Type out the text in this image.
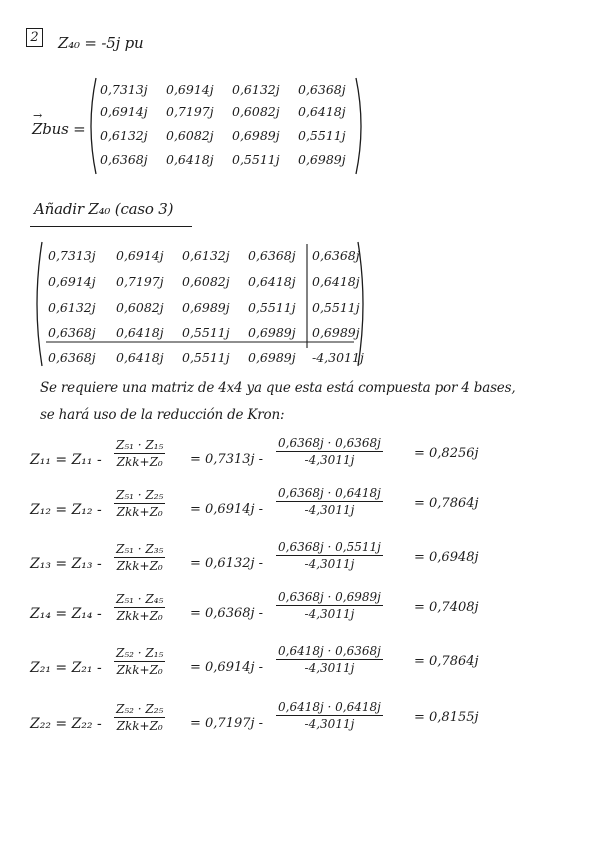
2 Z₄₀ = -5j pu
→ Zbus =
0,7313j 0,6914j 0,6132j 0,6368j
0,6914j 0,7197j 0,6082j 0,6418j
0,6132j 0,6082j 0,6989j 0,5511j
0,6368j 0,6418j 0,5511j 0,6989j
Añadir Z₄₀ (caso 3)
0,7313j 0,6914j 0,6132j 0,6368j 0,6368j
0,6914j 0,7197j 0,6082j 0,6418j 0,6418j
0,6132j 0,6082j 0,6989j 0,5511j 0,5511j
0,6368j 0,6418j 0,5511j 0,6989j 0,6989j
0,6368j 0,6418j 0,5511j 0,6989j -4,3011j
Se requiere una matriz de 4x4 ya que esta está compuesta por 4 bases,
se hará uso de la reducción de Kron:
Z₁₁ = Z₁₁ -
Z₅₁ · Z₁₅
$Zkk+Z_0 = 0,7313j - \frac{0,6368j \cdot 0,6368j}{-4,3011j} = 0,8256j$
Z₁₂ = Z₁₂ -
Z₅₁ · Z₂₅
$Zkk+Z_0 = 0,6914j - \frac{0,6368j \cdot 0,6418j}{-4,3011j} = 0,7864j$
Z₁₃ = Z₁₃ -
Z₅₁ · Z₃₅
$Zkk+Z_0 = 0,6132j - \frac{0,6368j \cdot 0,5511j}{-4,3011j} = 0,6948j$
Z₁₄ = Z₁₄ -
Z₅₁ · Z₄₅
$Zkk+Z_0 = 0,6368j - \frac{0,6368j \cdot 0,6989j}{-4,3011j} = 0,7408j$
Z₂₁ = Z₂₁ -
Z₅₂ · Z₁₅
$Zkk+Z_0 = 0,6914j - \frac{0,6418j \cdot 0,6368j}{-4,3011j} = 0,7864j$
Z₂₂ = Z₂₂ -
Z₅₂ · Z₂₅
$Zkk+Z_0 = 0,7197j - \frac{0,6418j \cdot 0,6418j}{-4,3011j} = 0,8155j$
